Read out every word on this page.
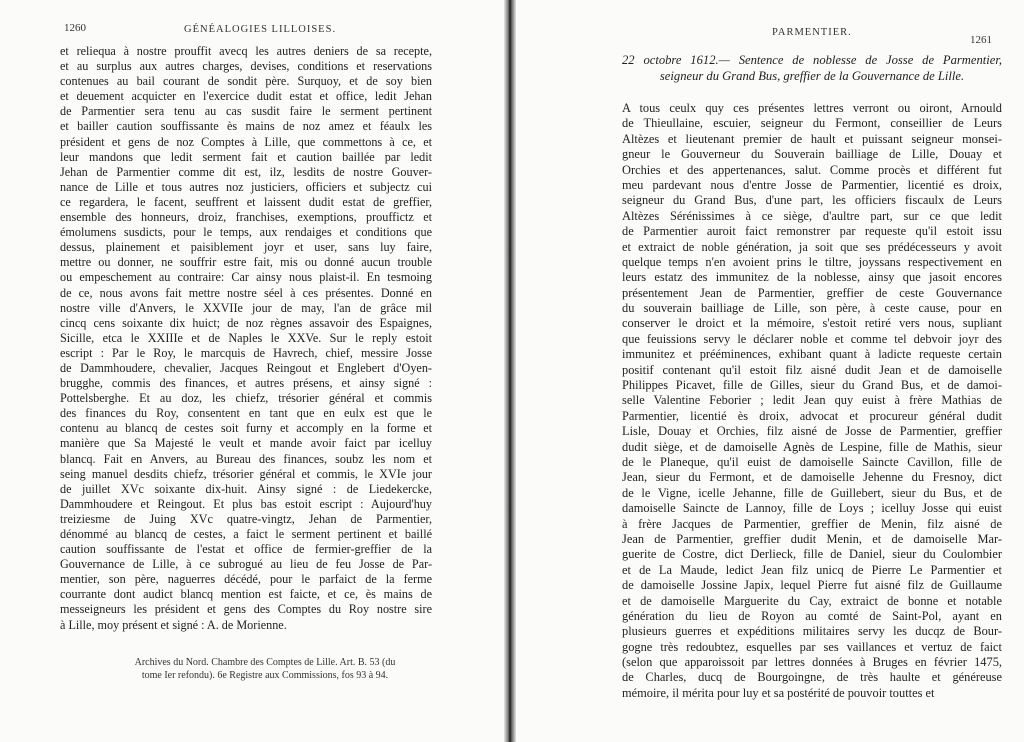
1260	GÉNÉALOGIES LILLOISES.
et reliequa à nostre prouffit avecq les autres deniers de sa recepte,
et au surplus aux autres charges, devises, conditions et reservations
contenues au bail courant de sondit père. Surquoy, et de soy bien
et deuement acquicter en l'exercice dudit estat et office, ledit Jehan
de Parmentier sera tenu au cas susdit faire le serment pertinent
et bailler caution souffissante ès mains de noz amez et féaulx les
président et gens de noz Comptes à Lille, que commettons à ce, et
leur mandons que ledit serment fait et caution baillée par ledit
Jehan de Parmentier comme dit est, ilz, lesdits de nostre Gouver-
nance de Lille et tous autres noz justiciers, officiers et subjectz cui
ce regardera, le facent, seuffrent et laissent dudit estat de greffier,
ensemble des honneurs, droiz, franchises, exemptions, prouffictz et
émolumens susdicts, pour le temps, aux rendaiges et conditions que
dessus, plainement et paisiblement joyr et user, sans luy faire,
mettre ou donner, ne souffrir estre fait, mis ou donné aucun trouble
ou empeschement au contraire: Car ainsy nous plaist-il. En tesmoing
de ce, nous avons fait mettre nostre séel à ces présentes. Donné en
nostre ville d'Anvers, le XXVIIe jour de may, l'an de grâce mil
cincq cens soixante dix huict; de noz règnes assavoir des Espaignes,
Sicille, etca le XXIIIe et de Naples le XXVe. Sur le reply estoit
escript : Par le Roy, le marcquis de Havrech, chief, messire Josse
de Dammhoudere, chevalier, Jacques Reingout et Englebert d'Oyen-
brugghe, commis des finances, et autres présens, et ainsy signé :
Pottelsberghe. Et au doz, les chiefz, trésorier général et commis
des finances du Roy, consentent en tant que en eulx est que le
contenu au blancq de cestes soit furny et accomply en la forme et
manière que Sa Majesté le veult et mande avoir faict par icelluy
blancq. Fait en Anvers, au Bureau des finances, soubz les nom et
seing manuel desdits chiefz, trésorier général et commis, le XVIe jour
de juillet XVc soixante dix-huit. Ainsy signé : de Liedekercke,
Dammhoudere et Reingout. Et plus bas estoit escript : Aujourd'huy
treiziesme de Juing XVc quatre-vingtz, Jehan de Parmentier,
dénommé au blancq de cestes, a faict le serment pertinent et baillé
caution souffissante de l'estat et office de fermier-greffier de la
Gouvernance de Lille, à ce subrogué au lieu de feu Josse de Par-
mentier, son père, naguerres décédé, pour le parfaict de la ferme
courrante dont audict blancq mention est faicte, et ce, ès mains de
messeigneurs les président et gens des Comptes du Roy nostre sire
à Lille, moy présent et signé : A. de Morienne.
Archives du Nord. Chambre des Comptes de Lille. Art. B. 53 (du
tome Ier refondu). 6e Registre aux Commissions, fos 93 à 94.
PARMENTIER.
1261
22 octobre 1612.— Sentence de noblesse de Josse de Parmentier,
seigneur du Grand Bus, greffier de la Gouvernance de Lille.
A tous ceulx quy ces présentes lettres verront ou oiront, Arnould
de Thieullaine, escuier, seigneur du Fermont, conseillier de Leurs
Altèzes et lieutenant premier de hault et puissant seigneur monsei-
gneur le Gouverneur du Souverain bailliage de Lille, Douay et
Orchies et des appertenances, salut. Comme procès et différent fut
meu pardevant nous d'entre Josse de Parmentier, licentié es droix,
seigneur du Grand Bus, d'une part, les officiers fiscaulx de Leurs
Altèzes Sérénissimes à ce siège, d'aultre part, sur ce que ledit
de Parmentier auroit faict remonstrer par requeste qu'il estoit issu
et extraict de noble génération, ja soit que ses prédécesseurs y avoit
quelque temps n'en avoient prins le tiltre, joyssans respectivement en
leurs estatz des immunitez de la noblesse, ainsy que jasoit encores
présentement Jean de Parmentier, greffier de ceste Gouvernance
du souverain bailliage de Lille, son père, à ceste cause, pour en
conserver le droict et la mémoire, s'estoit retiré vers nous, supliant
que feuissions servy le déclarer noble et comme tel debvoir joyr des
immunitez et prééminences, exhibant quant à ladicte requeste certain
positif contenant qu'il estoit filz aisné dudit Jean et de damoiselle
Philippes Picavet, fille de Gilles, sieur du Grand Bus, et de damoi-
selle Valentine Feborier ; ledit Jean quy euist à frère Mathias de
Parmentier, licentié ès droix, advocat et procureur général dudit
Lisle, Douay et Orchies, filz aisné de Josse de Parmentier, greffier
dudit siège, et de damoiselle Agnès de Lespine, fille de Mathis, sieur
de le Planeque, qu'il euist de damoiselle Saincte Cavillon, fille de
Jean, sieur du Fermont, et de damoiselle Jehenne du Fresnoy, dict
de le Vigne, icelle Jehanne, fille de Guillebert, sieur du Bus, et de
damoiselle Saincte de Lannoy, fille de Loys ; icelluy Josse qui euist
à frère Jacques de Parmentier, greffier de Menin, filz aisné de
Jean de Parmentier, greffier dudit Menin, et de damoiselle Mar-
guerite de Costre, dict Derlieck, fille de Daniel, sieur du Coulombier
et de La Maude, ledict Jean filz unicq de Pierre Le Parmentier et
de damoiselle Jossine Japix, lequel Pierre fut aisné filz de Guillaume
et de damoiselle Marguerite du Cay, extraict de bonne et notable
génération du lieu de Royon au comté de Saint-Pol, ayant en
plusieurs guerres et expéditions militaires servy les ducqz de Bour-
gogne très redoubtez, esquelles par ses vaillances et vertuz de faict
(selon que apparoissoit par lettres données à Bruges en février 1475,
de Charles, ducq de Bourgoingne, de très haulte et généreuse
mémoire, il mérita pour luy et sa postérité de pouvoir touttes et
